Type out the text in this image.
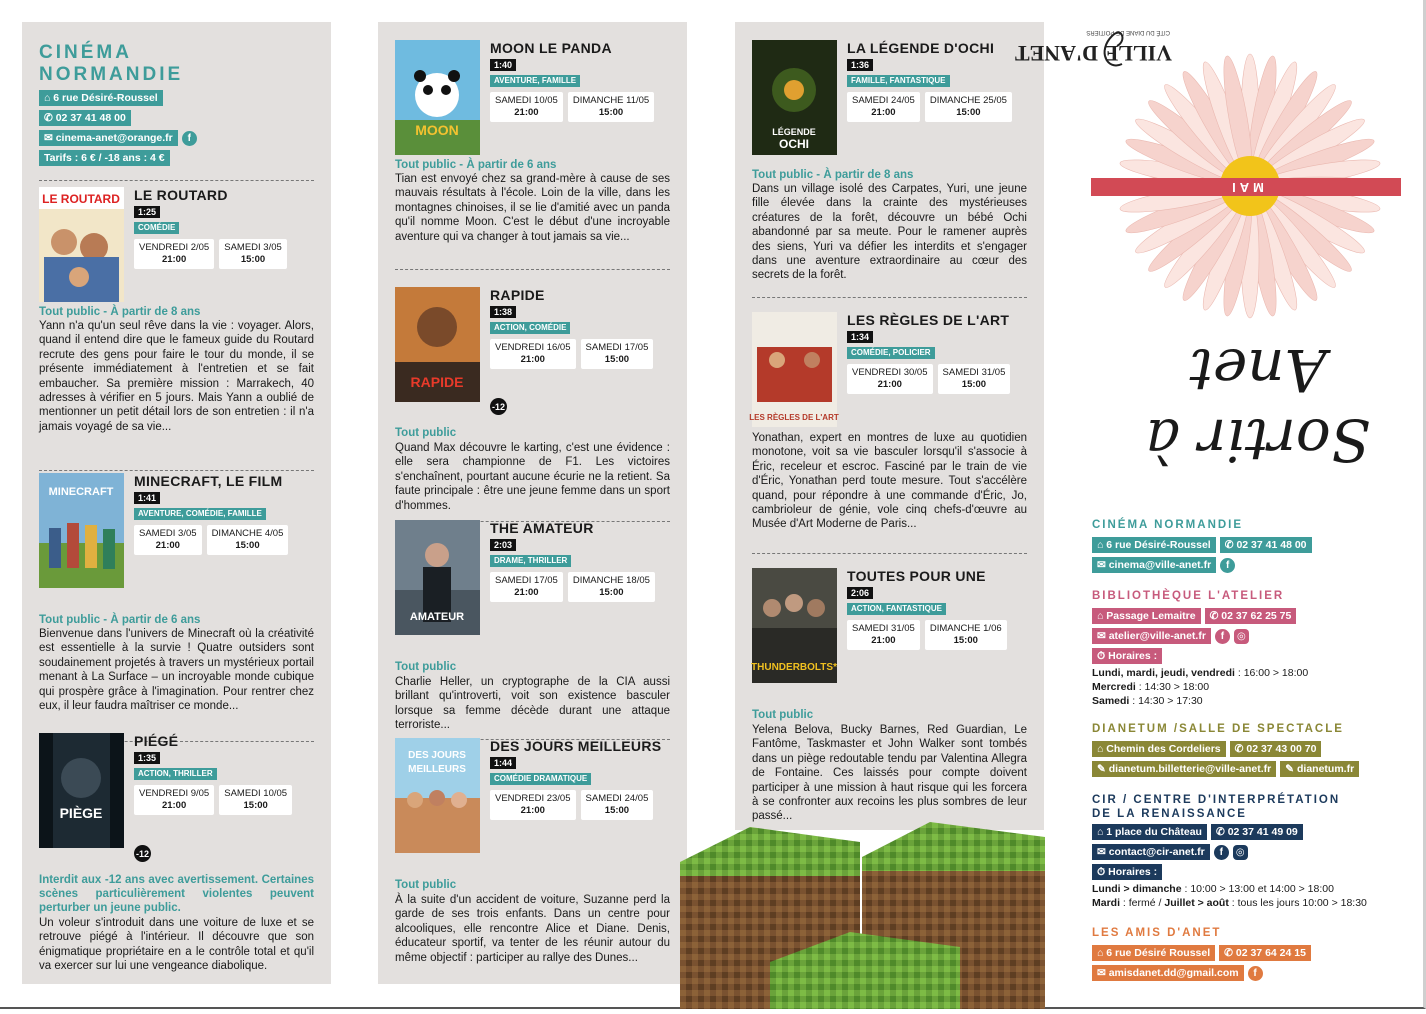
CINÉMA
NORMANDIE
⌂ 6 rue Désiré-Roussel
✆ 02 37 41 48 00
✉ cinema-anet@orange.fr	f
Tarifs : 6 € / -18 ans : 4 €
LE ROUTARD LE ROUTARD
1:25
COMÉDIE
VENDREDI 2/05
21:00
SAMEDI 3/05
15:00
Tout public - À partir de 8 ans
Yann n'a qu'un seul rêve dans la vie : voyager. Alors, quand il entend dire que le fameux guide du Routard recrute des gens pour faire le tour du monde, il se présente immédiatement à l'entretien et se fait embaucher. Sa première mission : Marrakech, 40 adresses à vérifier en 5 jours. Mais Yann a oublié de mentionner un petit détail lors de son entretien : il n'a jamais voyagé de sa vie...
MINECRAFT
MINECRAFT, LE FILM
1:41
AVENTURE, COMÉDIE, FAMILLE
SAMEDI 3/05
21:00
DIMANCHE 4/05
15:00
Tout public - À partir de 6 ans
Bienvenue dans l'univers de Minecraft où la créativité est essentielle à la survie ! Quatre outsiders sont soudainement projetés à travers un mystérieux portail menant à La Surface – un incroyable monde cubique qui prospère grâce à l'imagination. Pour rentrer chez eux, il leur faudra maîtriser ce monde...
PIÈGE
PIÉGÉ
1:35
ACTION, THRILLER
VENDREDI 9/05
21:00
SAMEDI 10/05
15:00
-12
Interdit aux -12 ans avec avertissement. Certaines scènes particulièrement violentes peuvent perturber un jeune public.
Un voleur s'introduit dans une voiture de luxe et se retrouve piégé à l'intérieur. Il découvre que son énigmatique propriétaire en a le contrôle total et qu'il va exercer sur lui une vengeance diabolique.
MOON
MOON LE PANDA
1:40
AVENTURE, FAMILLE
SAMEDI 10/05
21:00
DIMANCHE 11/05
15:00
Tout public - À partir de 6 ans
Tian est envoyé chez sa grand-mère à cause de ses mauvais résultats à l'école. Loin de la ville, dans les montagnes chinoises, il se lie d'amitié avec un panda qu'il nomme Moon. C'est le début d'une incroyable aventure qui va changer à tout jamais sa vie...
RAPIDE
RAPIDE
1:38
ACTION, COMÉDIE
VENDREDI 16/05
21:00
SAMEDI 17/05
15:00
-12
Tout public
Quand Max découvre le karting, c'est une évidence : elle sera championne de F1. Les victoires s'enchaînent, pourtant aucune écurie ne la retient. Sa faute principale : être une jeune femme dans un sport d'hommes.
AMATEUR
THE AMATEUR
2:03
DRAME, THRILLER
SAMEDI 17/05
21:00
DIMANCHE 18/05
15:00
Tout public
Charlie Heller, un cryptographe de la CIA aussi brillant qu'introverti, voit son existence basculer lorsque sa femme décède durant une attaque terroriste...
DES JOURS
MEILLEURS
DES JOURS MEILLEURS
1:44
COMÉDIE DRAMATIQUE
VENDREDI 23/05
21:00
SAMEDI 24/05
15:00
Tout public
À la suite d'un accident de voiture, Suzanne perd la garde de ses trois enfants. Dans un centre pour alcooliques, elle rencontre Alice et Diane. Denis, éducateur sportif, va tenter de les réunir autour du même objectif : participer au rallye des Dunes...
LÉGENDE
OCHI
LA LÉGENDE D'OCHI
1:36
FAMILLE, FANTASTIQUE
SAMEDI 24/05
21:00
DIMANCHE 25/05
15:00
Tout public - À partir de 8 ans
Dans un village isolé des Carpates, Yuri, une jeune fille élevée dans la crainte des mystérieuses créatures de la forêt, découvre un bébé Ochi abandonné par sa meute. Pour le ramener auprès des siens, Yuri va défier les interdits et s'engager dans une aventure extraordinaire au cœur des secrets de la forêt.
LES RÈGLES DE L'ART
LES RÈGLES DE L'ART
1:34
COMÉDIE, POLICIER
VENDREDI 30/05
21:00
SAMEDI 31/05
15:00
Yonathan, expert en montres de luxe au quotidien monotone, voit sa vie basculer lorsqu'il s'associe à Éric, receleur et escroc. Fasciné par le train de vie d'Éric, Yonathan perd toute mesure. Tout s'accélère quand, pour répondre à une commande d'Éric, Jo, cambrioleur de génie, vole cinq chefs-d'œuvre au Musée d'Art Moderne de Paris...
THUNDERBOLTS*
TOUTES POUR UNE
2:06
ACTION, FANTASTIQUE
SAMEDI 31/05
21:00
DIMANCHE 1/06
15:00
Tout public
Yelena Belova, Bucky Barnes, Red Guardian, Le Fantôme, Taskmaster et John Walker sont tombés dans un piège redoutable tendu par Valentina Allegra de Fontaine. Ces laissés pour compte doivent participer à une mission à haut risque qui les forcera à se confronter aux recoins les plus sombres de leur passé...
VILLE D'ANET
CITÉ DU DIANE DE POITIERS
MAI
Sortir à Anet
CINÉMA NORMANDIE
⌂ 6 rue Désiré-Roussel	✆ 02 37 41 48 00
✉ cinema@ville-anet.fr	f
BIBLIOTHÈQUE L'ATELIER
⌂ Passage Lemaitre	✆ 02 37 62 25 75
✉ atelier@ville-anet.fr	f	◎
⏱ Horaires :
Lundi, mardi, jeudi, vendredi : 16:00 > 18:00
Mercredi : 14:30 > 18:00
Samedi : 14:30 > 17:30
DIANETUM /SALLE DE SPECTACLE
⌂ Chemin des Cordeliers	✆ 02 37 43 00 70
✎ dianetum.billetterie@ville-anet.fr	✎ dianetum.fr
CIR / CENTRE D'INTERPRÉTATION
DE LA RENAISSANCE
⌂ 1 place du Château	✆ 02 37 41 49 09
✉ contact@cir-anet.fr	f	◎
⏱ Horaires :
Lundi > dimanche : 10:00 > 13:00 et 14:00 > 18:00
Mardi : fermé / Juillet > août : tous les jours 10:00 > 18:30
LES AMIS D'ANET
⌂ 6 rue Désiré Roussel	✆ 02 37 64 24 15
✉ amisdanet.dd@gmail.com	f
